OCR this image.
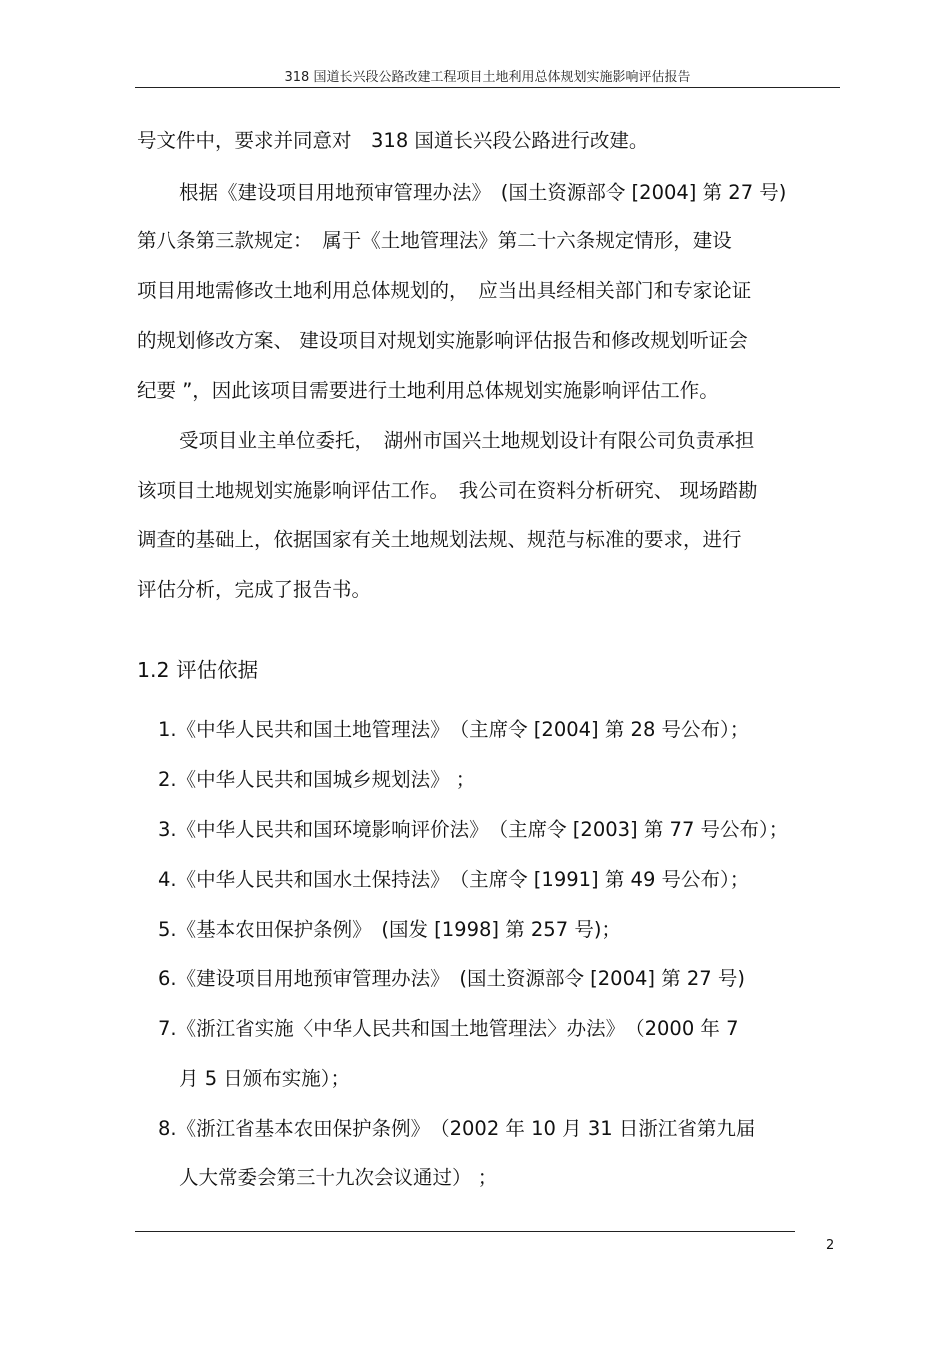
318 国道长兴段公路改建工程项目土地利用总体规划实施影响评估报告
号文件中，要求并同意对　318 国道长兴段公路进行改建。
根据《建设项目用地预审管理办法》　(国土资源部令 [2004] 第 27 号)
第八条第三款规定：　属于《土地管理法》第二十六条规定情形，建设
项目用地需修改土地利用总体规划的，　应当出具经相关部门和专家论证
的规划修改方案、 建设项目对规划实施影响评估报告和修改规划听证会
纪要 ”，因此该项目需要进行土地利用总体规划实施影响评估工作。
受项目业主单位委托，　湖州市国兴土地规划设计有限公司负责承担
该项目土地规划实施影响评估工作。　我公司在资料分析研究、 现场踏勘
调查的基础上，依据国家有关土地规划法规、规范与标准的要求，进行
评估分析，完成了报告书。
1.2 评估依据
1.《中华人民共和国土地管理法》　（主席令 [2004] 第 28 号公布）；
2.《中华人民共和国城乡规划法》 ；
3.《中华人民共和国环境影响评价法》　（主席令 [2003] 第 77 号公布）；
4.《中华人民共和国水土保持法》　（主席令 [1991] 第 49 号公布）；
5.《基本农田保护条例》　(国发 [1998] 第 257 号)；
6.《建设项目用地预审管理办法》　(国土资源部令 [2004] 第 27 号)
7.《浙江省实施〈中华人民共和国土地管理法〉办法》　（2000 年 7
月 5 日颁布实施）；
8.《浙江省基本农田保护条例》　（2002 年 10 月 31 日浙江省第九届
人大常委会第三十九次会议通过） ；
2
